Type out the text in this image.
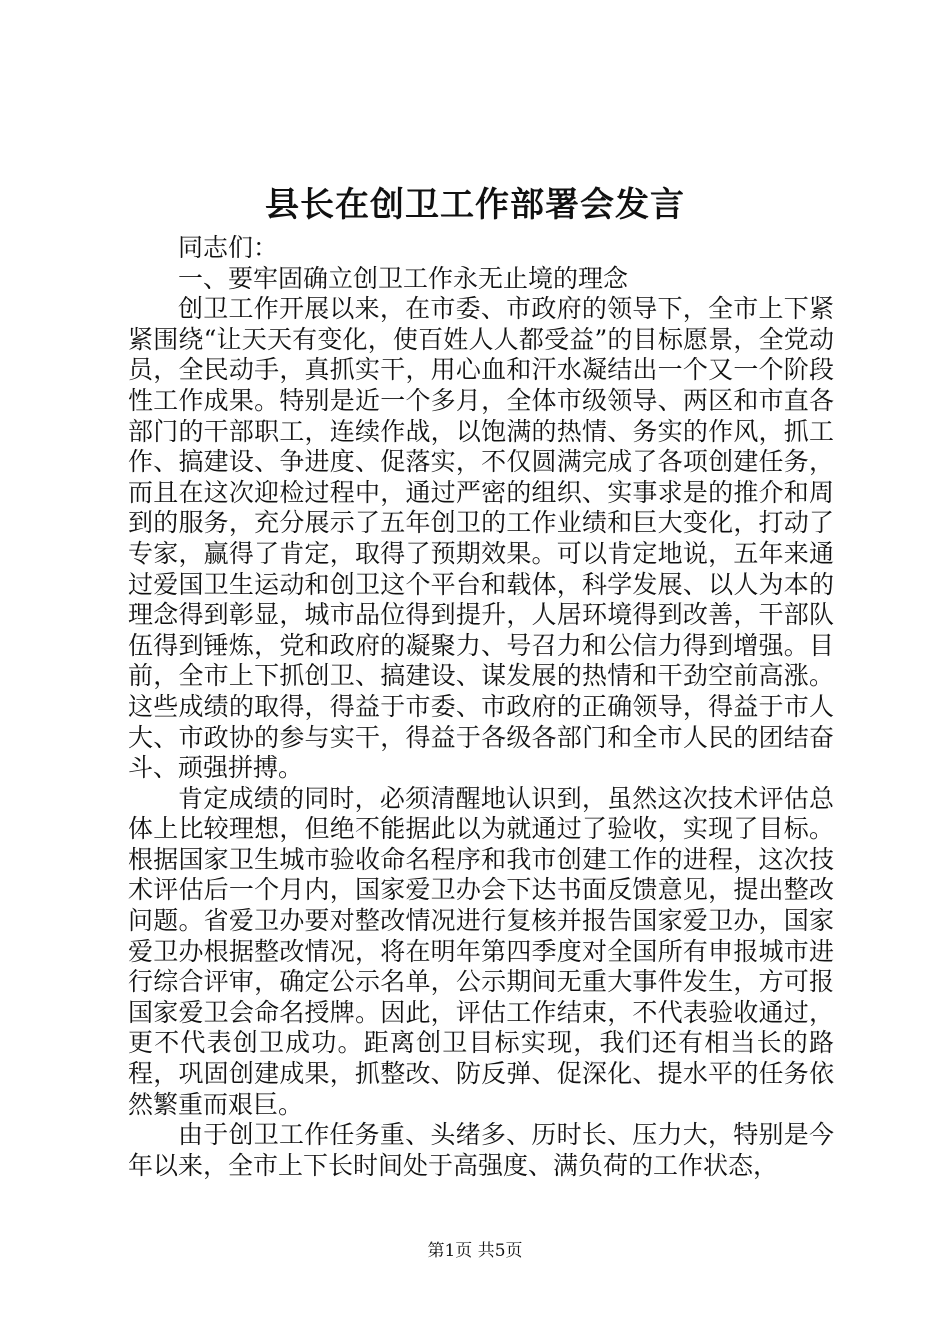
县长在创卫工作部署会发言

同志们：

一、要牢固确立创卫工作永无止境的理念

创卫工作开展以来，在市委、市政府的领导下，全市上下紧紧围绕“让天天有变化，使百姓人人都受益”的目标愿景，全党动员，全民动手，真抓实干，用心血和汗水凝结出一个又一个阶段性工作成果。特别是近一个多月，全体市级领导、两区和市直各部门的干部职工，连续作战，以饱满的热情、务实的作风，抓工作、搞建设、争进度、促落实，不仅圆满完成了各项创建任务，而且在这次迎检过程中，通过严密的组织、实事求是的推介和周到的服务，充分展示了五年创卫的工作业绩和巨大变化，打动了专家，赢得了肯定，取得了预期效果。可以肯定地说，五年来通过爱国卫生运动和创卫这个平台和载体，科学发展、以人为本的理念得到彰显，城市品位得到提升，人居环境得到改善，干部队伍得到锤炼，党和政府的凝聚力、号召力和公信力得到增强。目前，全市上下抓创卫、搞建设、谋发展的热情和干劲空前高涨。这些成绩的取得，得益于市委、市政府的正确领导，得益于市人大、市政协的参与实干，得益于各级各部门和全市人民的团结奋斗、顽强拼搏。

肯定成绩的同时，必须清醒地认识到，虽然这次技术评估总体上比较理想，但绝不能据此以为就通过了验收，实现了目标。根据国家卫生城市验收命名程序和我市创建工作的进程，这次技术评估后一个月内，国家爱卫办会下达书面反馈意见，提出整改问题。省爱卫办要对整改情况进行复核并报告国家爱卫办，国家爱卫办根据整改情况，将在明年第四季度对全国所有申报城市进行综合评审，确定公示名单，公示期间无重大事件发生，方可报国家爱卫会命名授牌。因此，评估工作结束，不代表验收通过，更不代表创卫成功。距离创卫目标实现，我们还有相当长的路程，巩固创建成果，抓整改、防反弹、促深化、提水平的任务依然繁重而艰巨。

由于创卫工作任务重、头绪多、历时长、压力大，特别是今年以来，全市上下长时间处于高强度、满负荷的工作状态，

第1页 共5页
